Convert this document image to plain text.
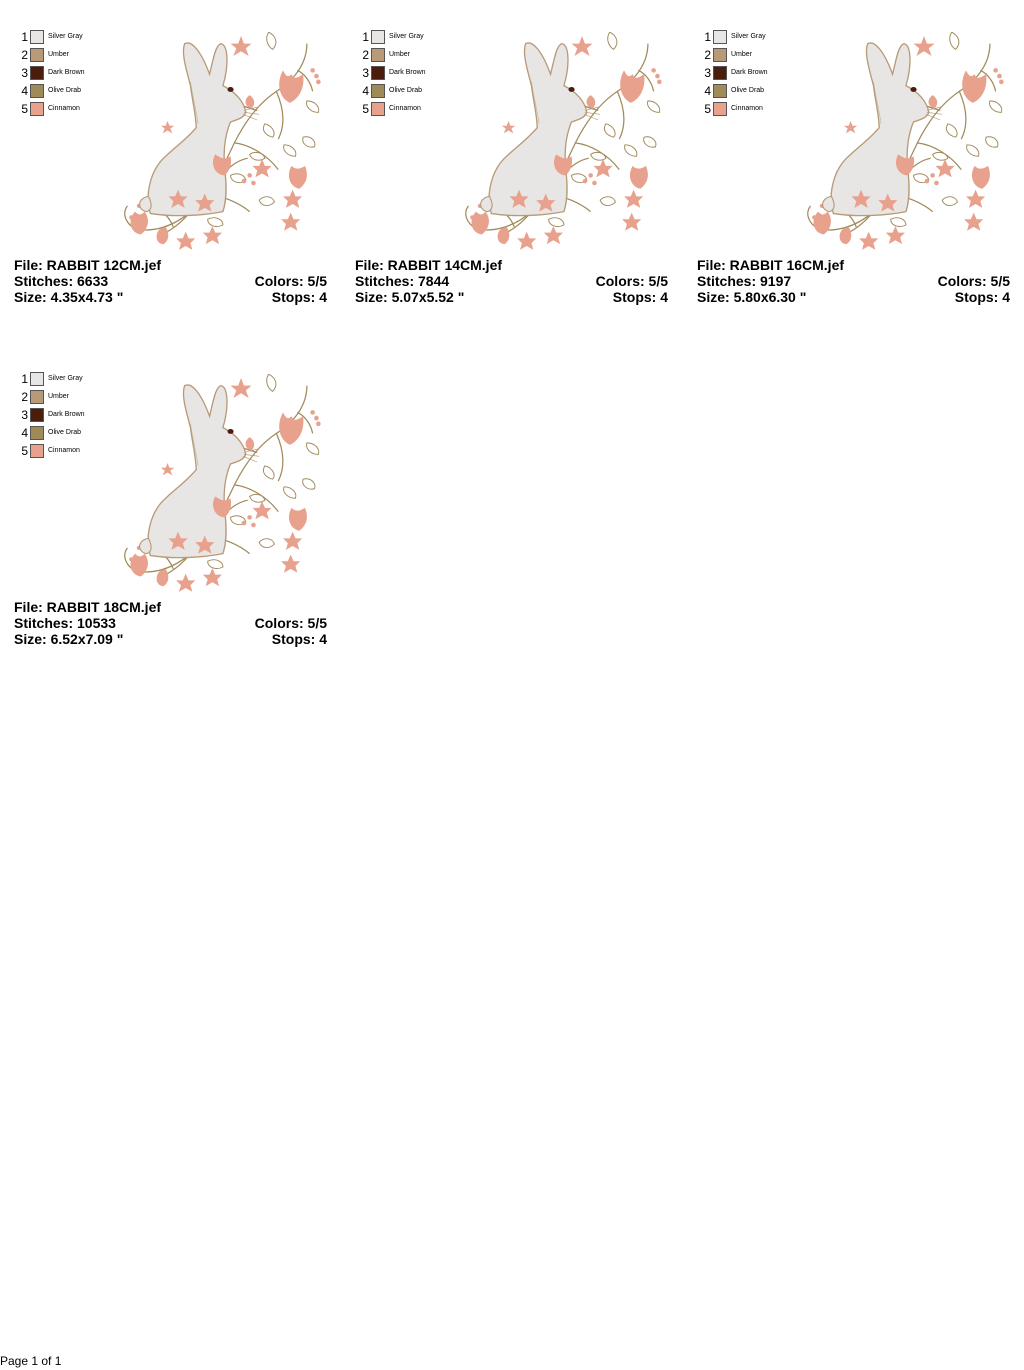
1	Silver Gray
2	Umber
3	Dark Brown
4	Olive Drab
5	Cinnamon
File: RABBIT 12CM.jef
Stitches: 6633	Colors: 5/5
Size: 4.35x4.73 "	Stops: 4
1	Silver Gray
2	Umber
3	Dark Brown
4	Olive Drab
5	Cinnamon
File: RABBIT 14CM.jef
Stitches: 7844	Colors: 5/5
Size: 5.07x5.52 "	Stops: 4
1	Silver Gray
2	Umber
3	Dark Brown
4	Olive Drab
5	Cinnamon
File: RABBIT 16CM.jef
Stitches: 9197	Colors: 5/5
Size: 5.80x6.30 "	Stops: 4
1	Silver Gray
2	Umber
3	Dark Brown
4	Olive Drab
5	Cinnamon
File: RABBIT 18CM.jef
Stitches: 10533	Colors: 5/5
Size: 6.52x7.09 "	Stops: 4
Page 1 of 1
